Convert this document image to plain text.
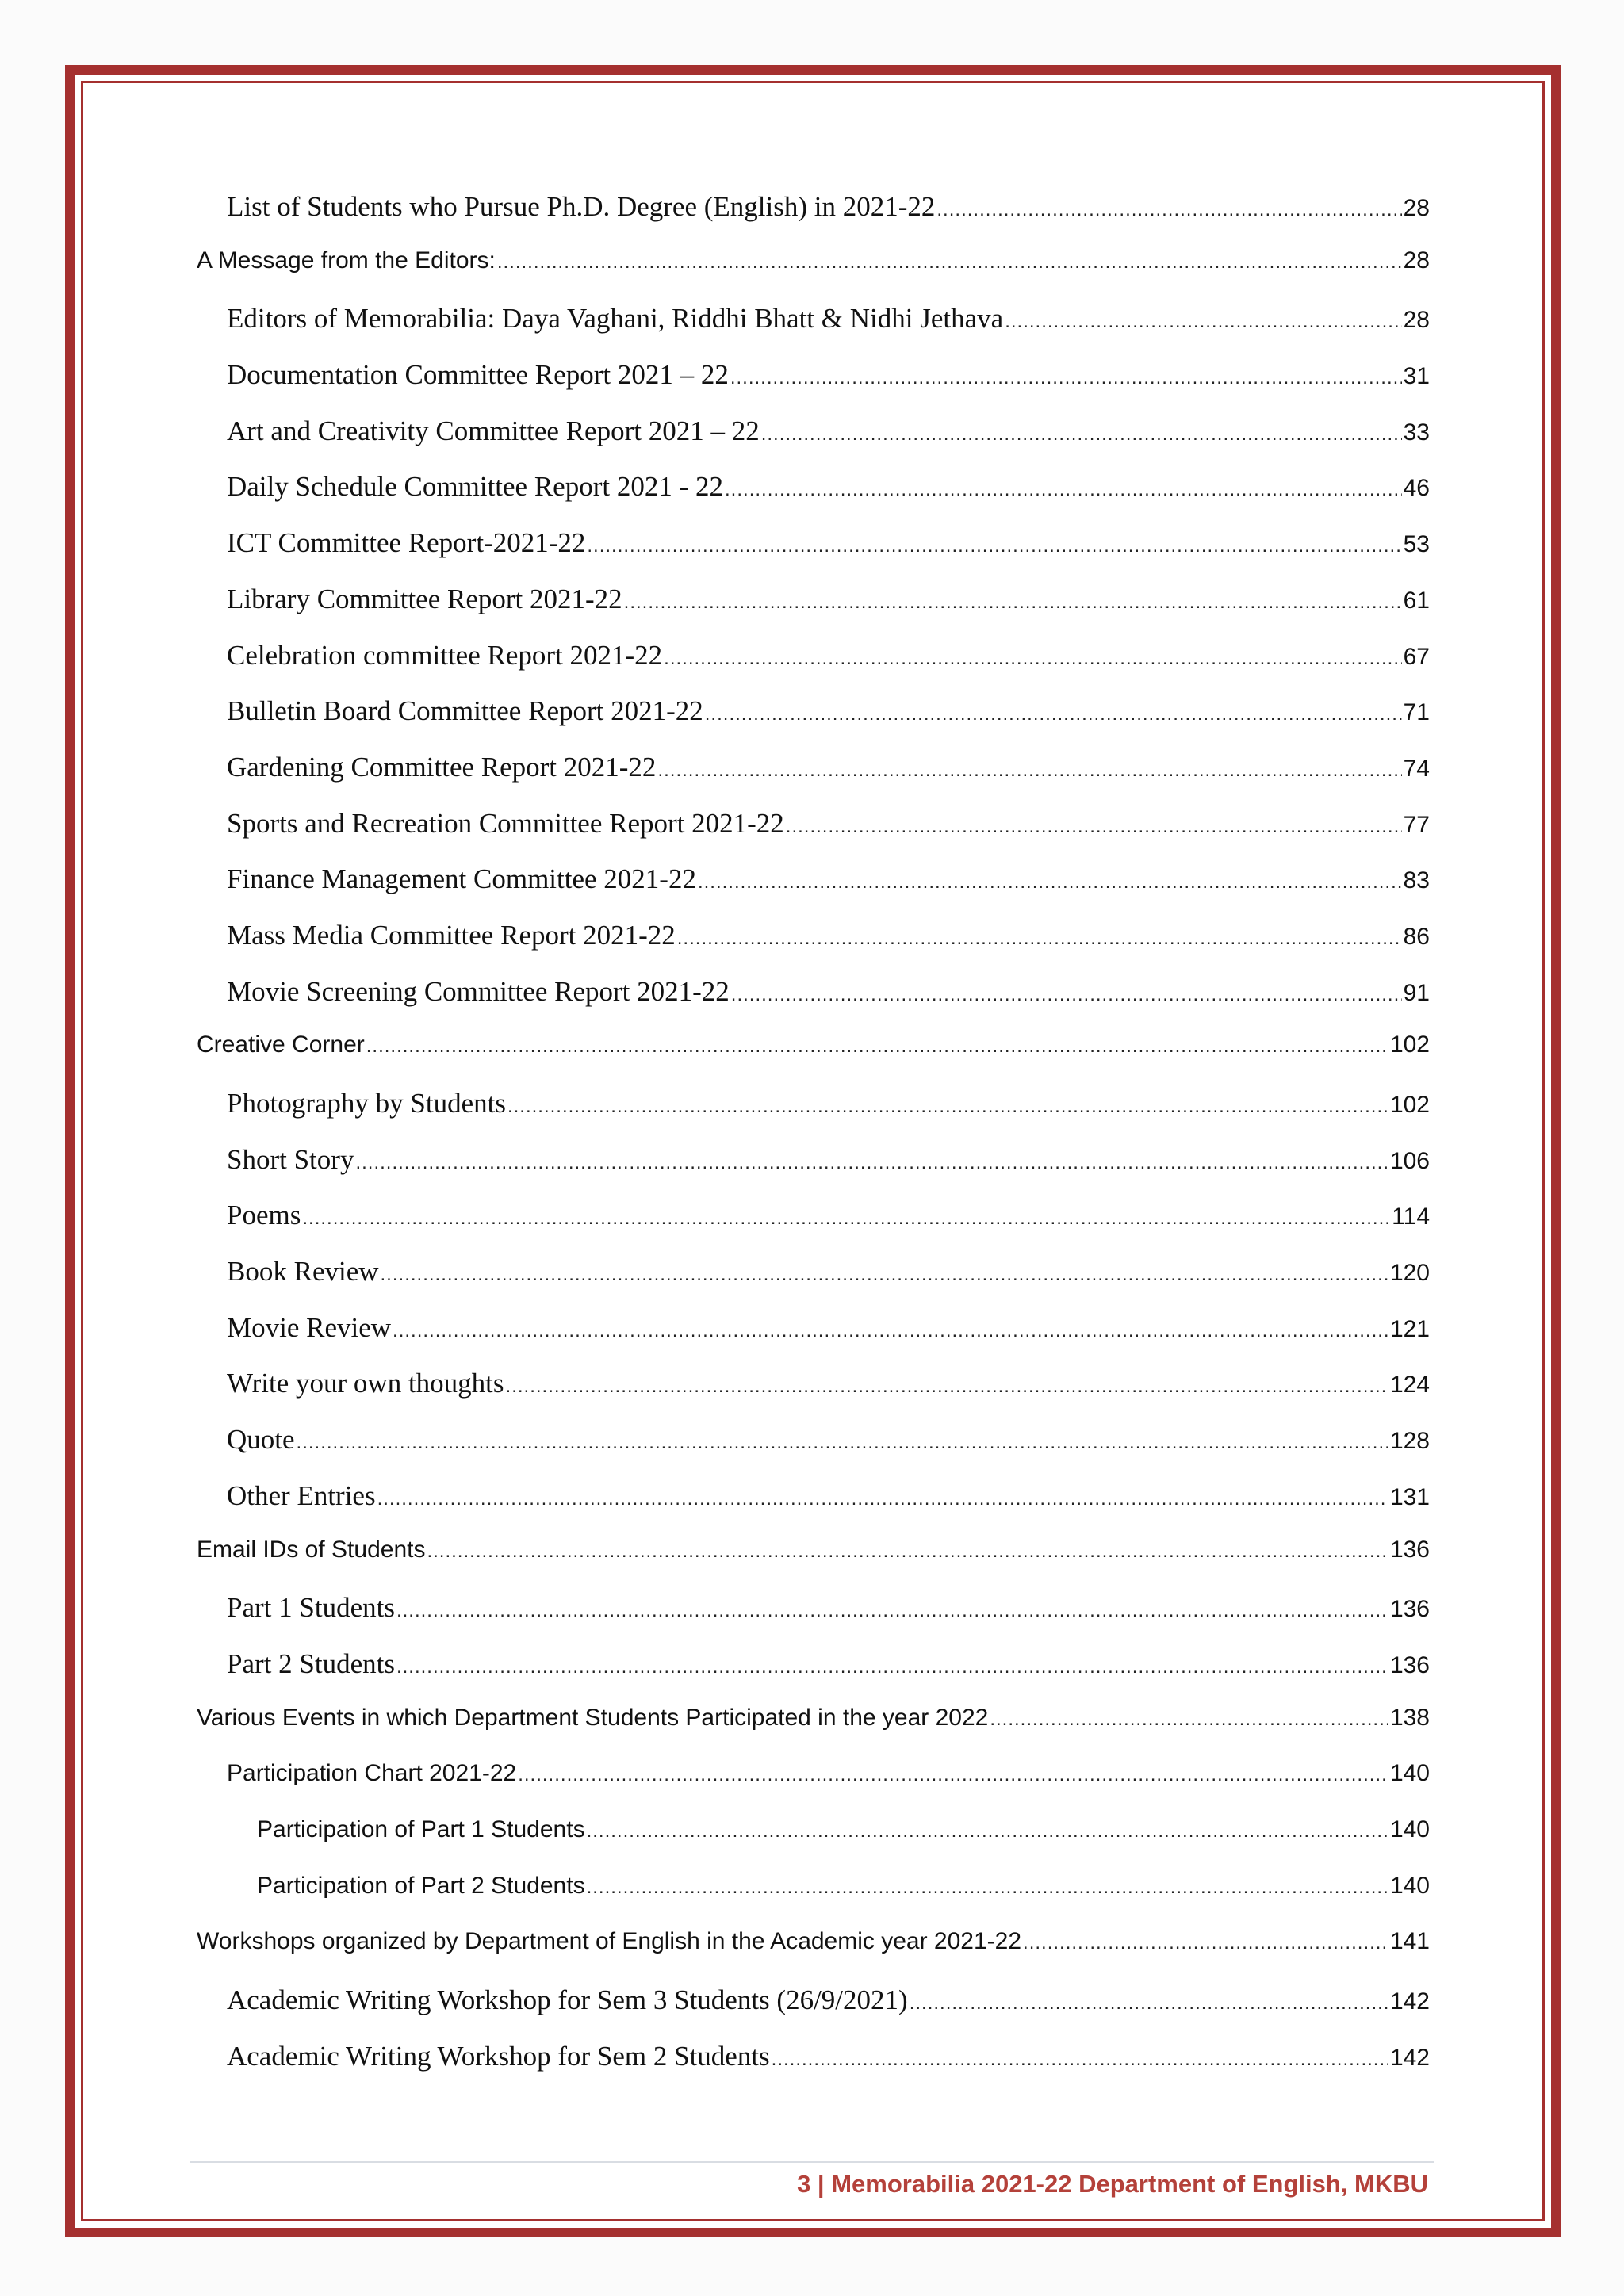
List of Students who Pursue Ph.D. Degree (English) in 2021-22 .....	28
A Message from the Editors: .....	28
Editors of Memorabilia: Daya Vaghani, Riddhi Bhatt & Nidhi Jethava .....	28
Documentation Committee Report 2021 – 22 .....	31
Art and Creativity Committee Report 2021 – 22 .....	33
Daily Schedule Committee Report 2021 - 22 .....	46
ICT Committee Report-2021-22 .....	53
Library Committee Report 2021-22 .....	61
Celebration committee Report 2021-22 .....	67
Bulletin Board Committee Report 2021-22 .....	71
Gardening Committee Report 2021-22 .....	74
Sports and Recreation Committee Report 2021-22 .....	77
Finance Management Committee 2021-22 .....	83
Mass Media Committee Report 2021-22 .....	86
Movie Screening Committee Report 2021-22 .....	91
Creative Corner .....	102
Photography by Students .....	102
Short Story .....	106
Poems .....	114
Book Review .....	120
Movie Review .....	121
Write your own thoughts .....	124
Quote .....	128
Other Entries .....	131
Email IDs of Students .....	136
Part 1 Students .....	136
Part 2 Students .....	136
Various Events in which Department Students Participated in the year 2022 .....	138
Participation Chart 2021-22 .....	140
Participation of Part 1 Students .....	140
Participation of Part 2 Students .....	140
Workshops organized by Department of English in the Academic year 2021-22 .....	141
Academic Writing Workshop for Sem 3 Students (26/9/2021) .....	142
Academic Writing Workshop for Sem 2 Students .....	142
3 | Memorabilia 2021-22 Department of English, MKBU
